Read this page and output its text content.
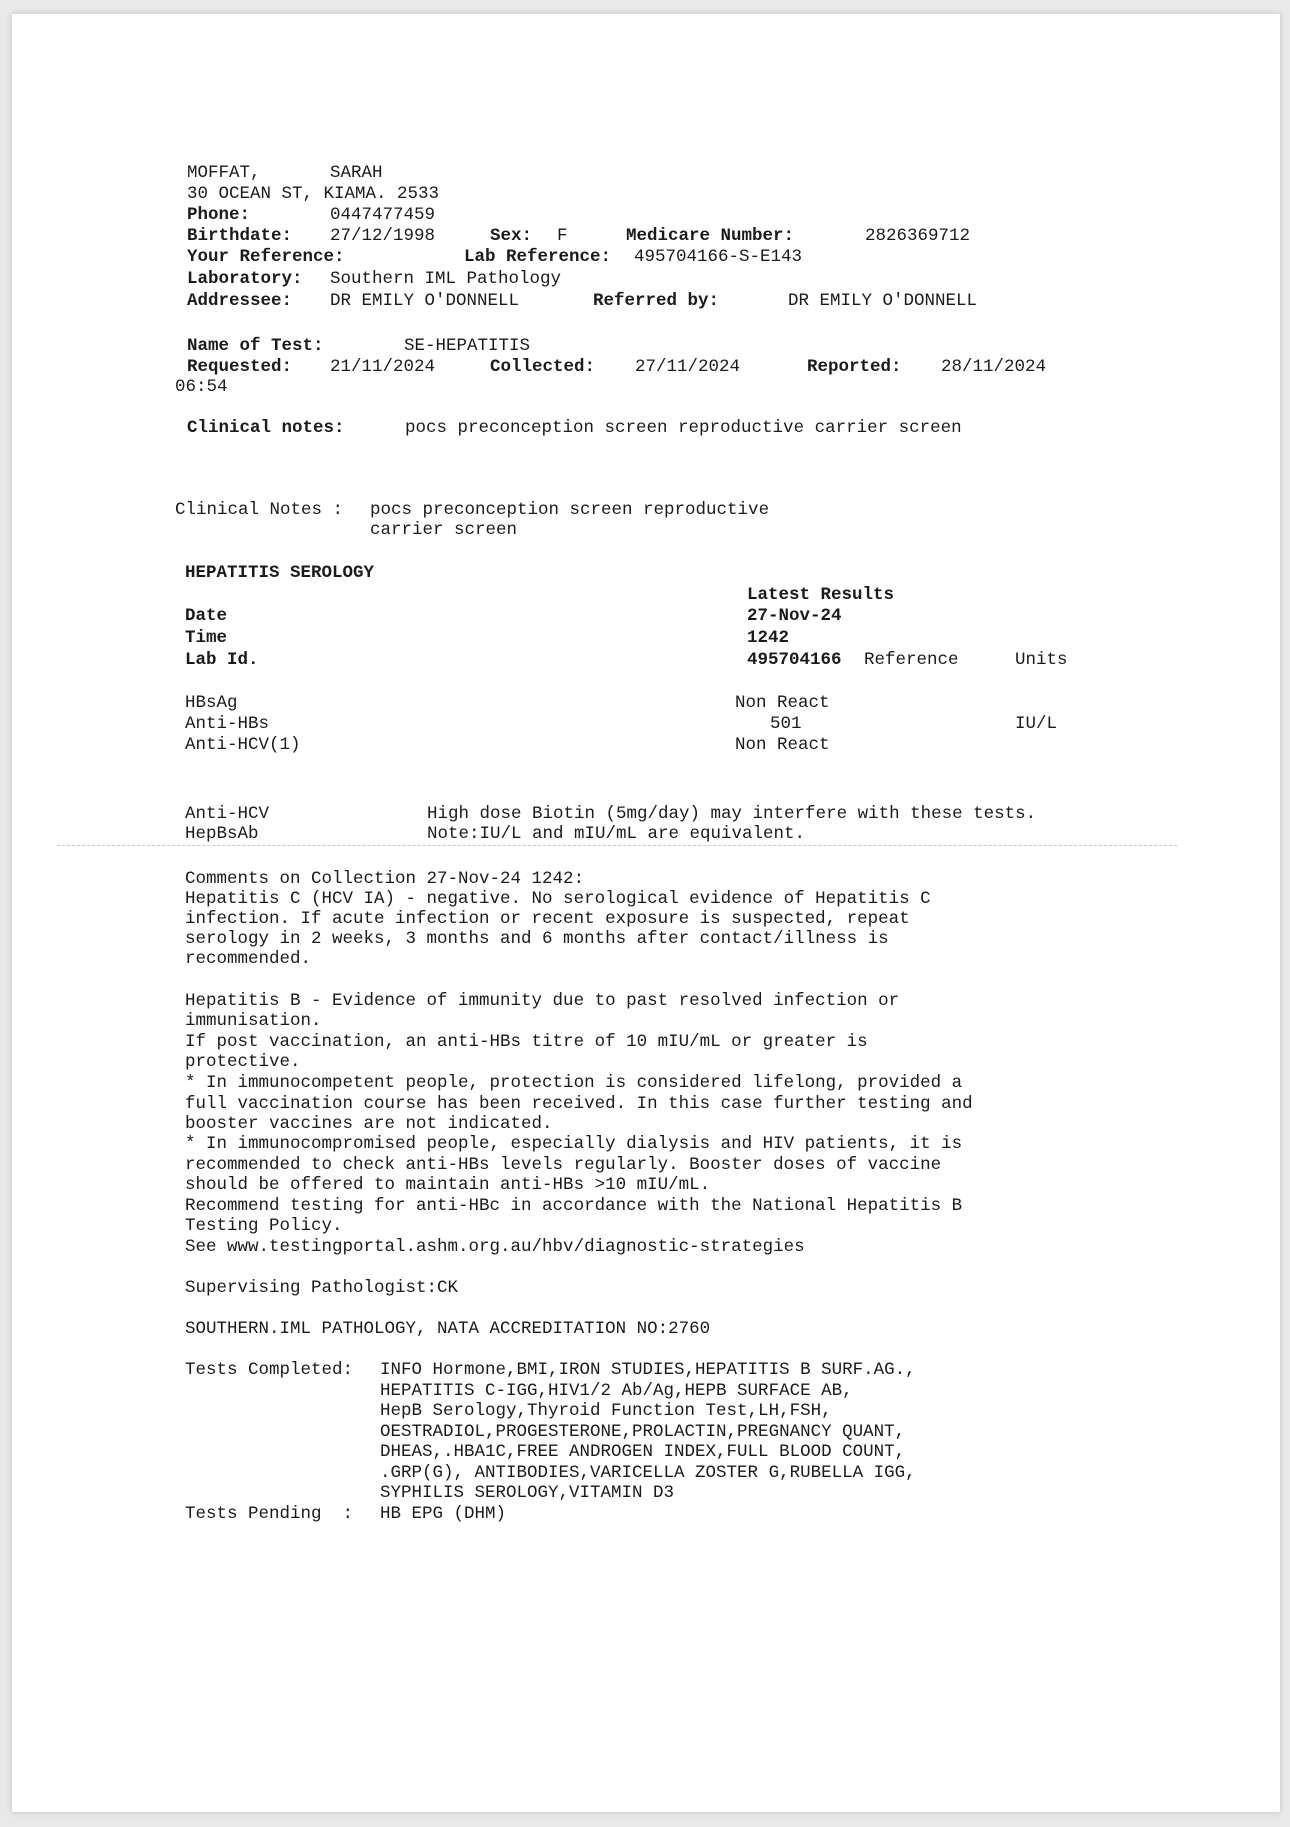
MOFFAT,	SARAH
30 OCEAN ST, KIAMA. 2533
Phone:	0447477459
Birthdate: 27/12/1998	Sex: F	Medicare Number:	2826369712
Your Reference:	Lab Reference: 495704166-S-E143
Laboratory: Southern IML Pathology
Addressee: DR EMILY O'DONNELL	Referred by:	DR EMILY O'DONNELL
Name of Test:	SE-HEPATITIS
Requested: 21/11/2024	Collected: 27/11/2024	Reported: 28/11/2024
06:54
Clinical notes:	pocs preconception screen reproductive carrier screen
Clinical Notes : pocs preconception screen reproductive
carrier screen
HEPATITIS SEROLOGY
Latest Results
Date	27-Nov-24
Time	1242
Lab Id.	495704166 Reference	Units
HBsAg	Non React
Anti-HBs	501	IU/L
Anti-HCV(1)	Non React
Anti-HCV	High dose Biotin (5mg/day) may interfere with these tests.
HepBsAb	Note:IU/L and mIU/mL are equivalent.
Comments on Collection 27-Nov-24 1242:
Hepatitis C (HCV IA) - negative. No serological evidence of Hepatitis C
infection. If acute infection or recent exposure is suspected, repeat
serology in 2 weeks, 3 months and 6 months after contact/illness is
recommended.
Hepatitis B - Evidence of immunity due to past resolved infection or
immunisation.
If post vaccination, an anti-HBs titre of 10 mIU/mL or greater is
protective.
* In immunocompetent people, protection is considered lifelong, provided a
full vaccination course has been received. In this case further testing and
booster vaccines are not indicated.
* In immunocompromised people, especially dialysis and HIV patients, it is
recommended to check anti-HBs levels regularly. Booster doses of vaccine
should be offered to maintain anti-HBs >10 mIU/mL.
Recommend testing for anti-HBc in accordance with the National Hepatitis B
Testing Policy.
See www.testingportal.ashm.org.au/hbv/diagnostic-strategies
Supervising Pathologist:CK
SOUTHERN.IML PATHOLOGY, NATA ACCREDITATION NO:2760
Tests Completed: INFO Hormone,BMI,IRON STUDIES,HEPATITIS B SURF.AG.,
HEPATITIS C-IGG,HIV1/2 Ab/Ag,HEPB SURFACE AB,
HepB Serology,Thyroid Function Test,LH,FSH,
OESTRADIOL,PROGESTERONE,PROLACTIN,PREGNANCY QUANT,
DHEAS,.HBA1C,FREE ANDROGEN INDEX,FULL BLOOD COUNT,
.GRP(G), ANTIBODIES,VARICELLA ZOSTER G,RUBELLA IGG,
SYPHILIS SEROLOGY,VITAMIN D3
Tests Pending  : HB EPG (DHM)
